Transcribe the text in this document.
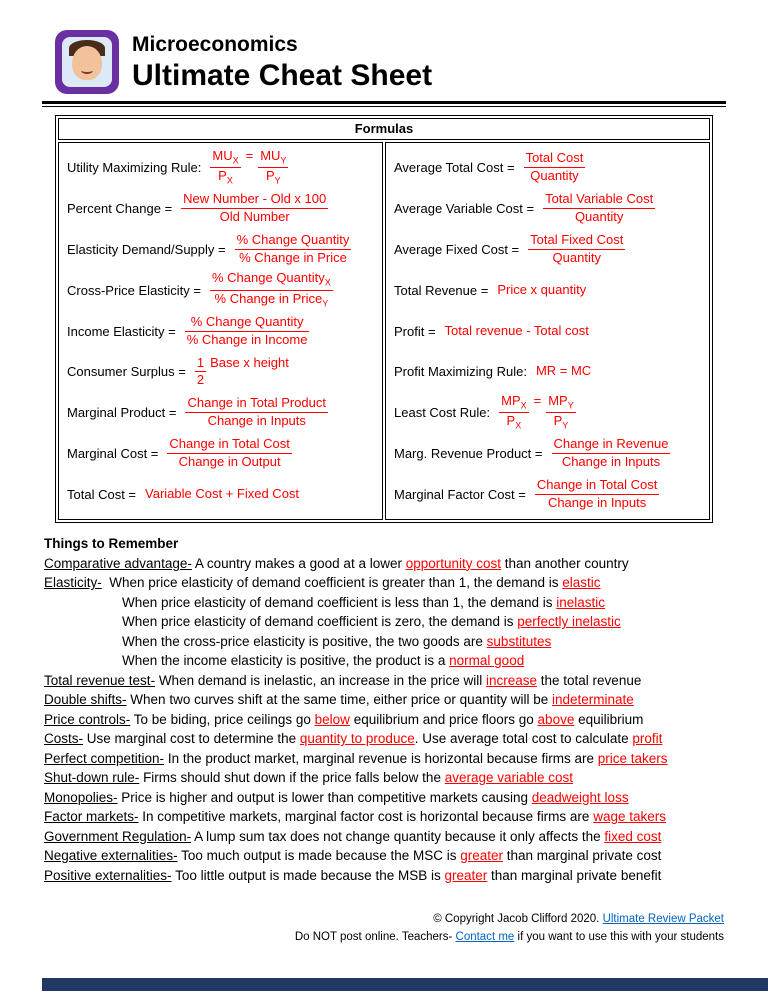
Microeconomics
Ultimate Cheat Sheet
Formulas
Utility Maximizing Rule: $\frac{MU_X}{P_X} = \frac{MU_Y}{P_Y}$
Percent Change = $\frac{\text{New Number - Old x 100}}{\text{Old Number}}$
Elasticity Demand/Supply = $\frac{\text{\% Change Quantity}}{\text{\% Change in Price}}$
Cross-Price Elasticity = $\frac{\% Change Quantity_X}{\% Change in Price_Y}$
Income Elasticity = $\frac{\text{\% Change Quantity}}{\text{\% Change in Income}}$
Consumer Surplus = $\frac{1}{2}$ Base x height
Marginal Product = $\frac{\text{Change in Total Product}}{\text{Change in Inputs}}$
Marginal Cost = $\frac{\text{Change in Total Cost}}{\text{Change in Output}}$
Total Cost = Variable Cost + Fixed Cost
Average Total Cost = $\frac{\text{Total Cost}}{\text{Quantity}}$
Average Variable Cost = $\frac{\text{Total Variable Cost}}{\text{Quantity}}$
Average Fixed Cost = $\frac{\text{Total Fixed Cost}}{\text{Quantity}}$
Total Revenue = Price x quantity
Profit = Total revenue - Total cost
Profit Maximizing Rule: MR = MC
Least Cost Rule: $\frac{MP_X}{P_X} = \frac{MP_Y}{P_Y}$
Marg. Revenue Product = $\frac{\text{Change in Revenue}}{\text{Change in Inputs}}$
Marginal Factor Cost = $\frac{\text{Change in Total Cost}}{\text{Change in Inputs}}$
Things to Remember
Comparative advantage- A country makes a good at a lower opportunity cost than another country
Elasticity-  When price elasticity of demand coefficient is greater than 1, the demand is elastic
When price elasticity of demand coefficient is less than 1, the demand is inelastic
When price elasticity of demand coefficient is zero, the demand is perfectly inelastic
When the cross-price elasticity is positive, the two goods are substitutes
When the income elasticity is positive, the product is a normal good
Total revenue test- When demand is inelastic, an increase in the price will increase the total revenue
Double shifts- When two curves shift at the same time, either price or quantity will be indeterminate
Price controls- To be biding, price ceilings go below equilibrium and price floors go above equilibrium
Costs- Use marginal cost to determine the quantity to produce. Use average total cost to calculate profit
Perfect competition- In the product market, marginal revenue is horizontal because firms are price takers
Shut-down rule- Firms should shut down if the price falls below the average variable cost
Monopolies- Price is higher and output is lower than competitive markets causing deadweight loss
Factor markets- In competitive markets, marginal factor cost is horizontal because firms are wage takers
Government Regulation- A lump sum tax does not change quantity because it only affects the fixed cost
Negative externalities- Too much output is made because the MSC is greater than marginal private cost
Positive externalities- Too little output is made because the MSB is greater than marginal private benefit
© Copyright Jacob Clifford 2020. Ultimate Review Packet
Do NOT post online. Teachers- Contact me if you want to use this with your students
